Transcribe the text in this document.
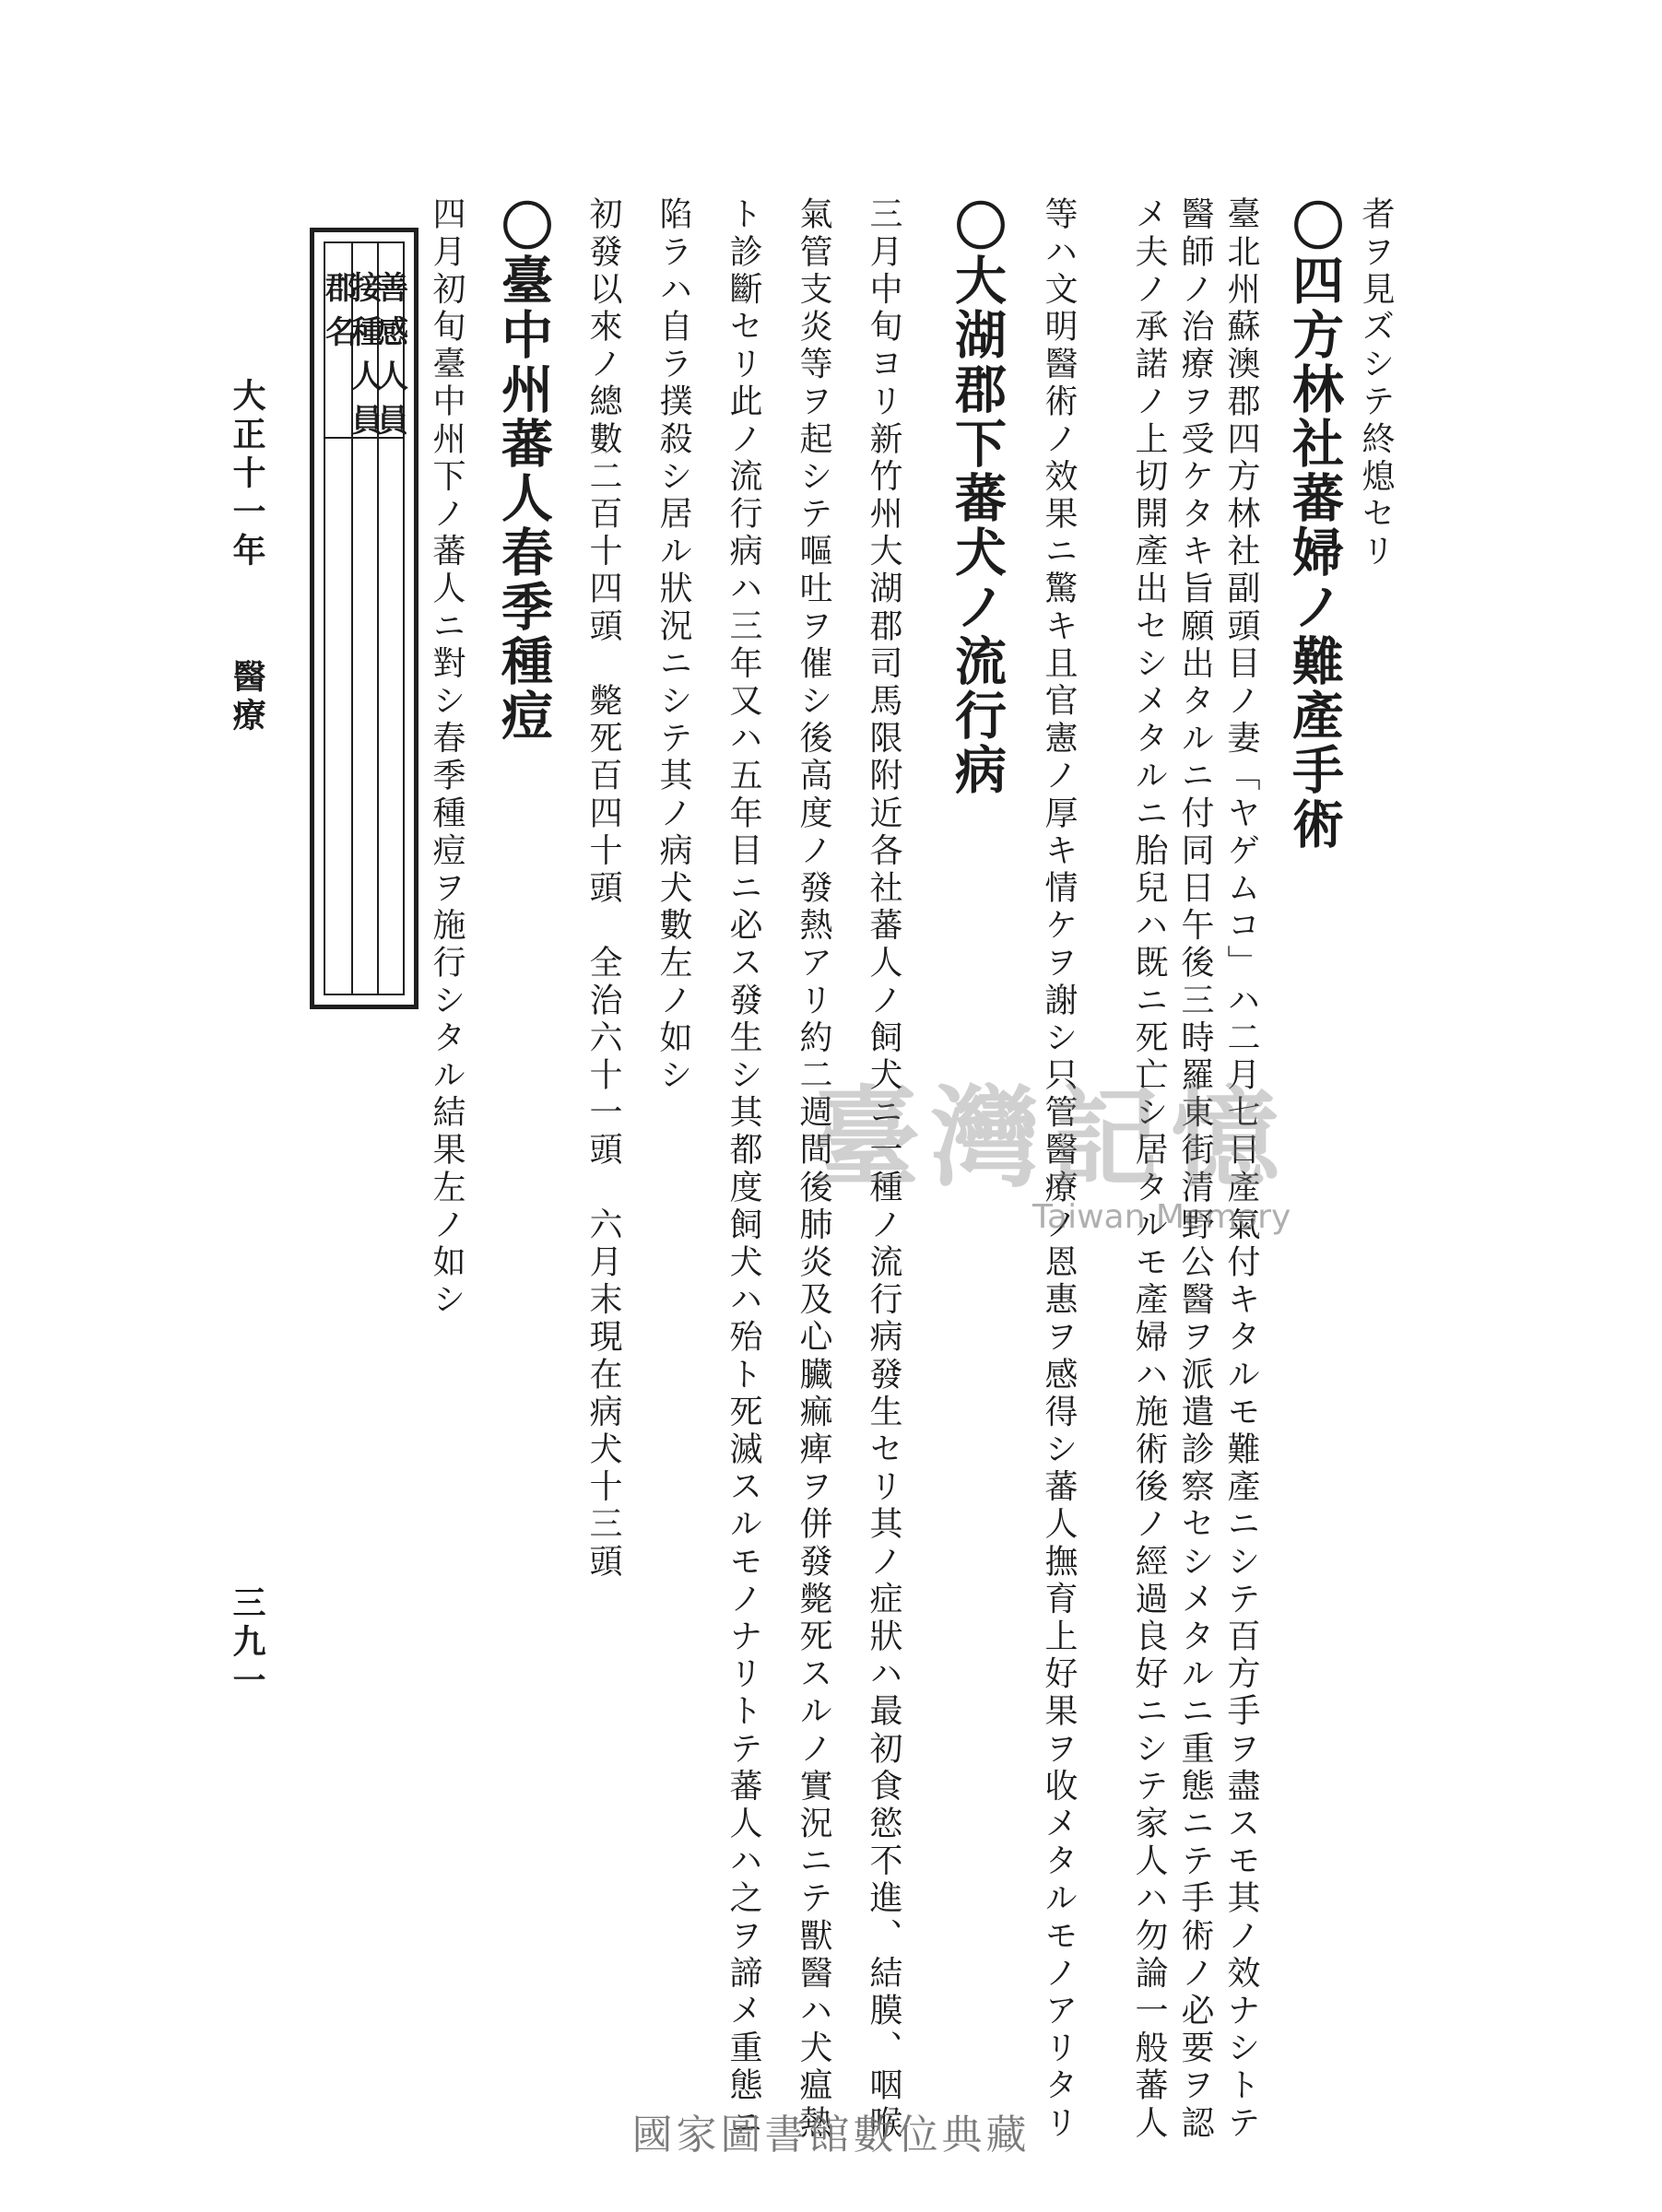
者ヲ見ズシテ終熄セリ
〇四方林社蕃婦ノ難產手術
臺北州蘇澳郡四方林社副頭目ノ妻「ヤゲムコ」ハ二月七日產氣付キタルモ難產ニシテ百方手ヲ盡スモ其ノ效ナシトテ
醫師ノ治療ヲ受ケタキ旨願出タルニ付同日午後三時羅東街清野公醫ヲ派遣診察セシメタルニ重態ニテ手術ノ必要ヲ認
メ夫ノ承諾ノ上切開產出セシメタルニ胎兒ハ既ニ死亡シ居タルモ產婦ハ施術後ノ經過良好ニシテ家人ハ勿論一般蕃人
等ハ文明醫術ノ效果ニ驚キ且官憲ノ厚キ情ケヲ謝シ只管醫療ノ恩惠ヲ感得シ蕃人撫育上好果ヲ收メタルモノアリタリ
〇大湖郡下蕃犬ノ流行病
三月中旬ヨリ新竹州大湖郡司馬限附近各社蕃人ノ飼犬ニ一種ノ流行病發生セリ其ノ症狀ハ最初食慾不進、結膜、咽喉
氣管支炎等ヲ起シテ嘔吐ヲ催シ後高度ノ發熱アリ約二週間後肺炎及心臟痲痺ヲ併發斃死スルノ實況ニテ獸醫ハ犬瘟熱
ト診斷セリ此ノ流行病ハ三年又ハ五年目ニ必ス發生シ其都度飼犬ハ殆ト死滅スルモノナリトテ蕃人ハ之ヲ諦メ重態ニ
陷ラハ自ラ撲殺シ居ル狀況ニシテ其ノ病犬數左ノ如シ
初發以來ノ總數二百十四頭　斃死百四十頭　全治六十一頭　六月末現在病犬十三頭
〇臺中州蕃人春季種痘
四月初旬臺中州下ノ蕃人ニ對シ春季種痘ヲ施行シタル結果左ノ如シ
郡名
接種人員
善感人員
大正十一年
醫療
三九一
臺灣記憶
Taiwan Memory
國家圖書館數位典藏
